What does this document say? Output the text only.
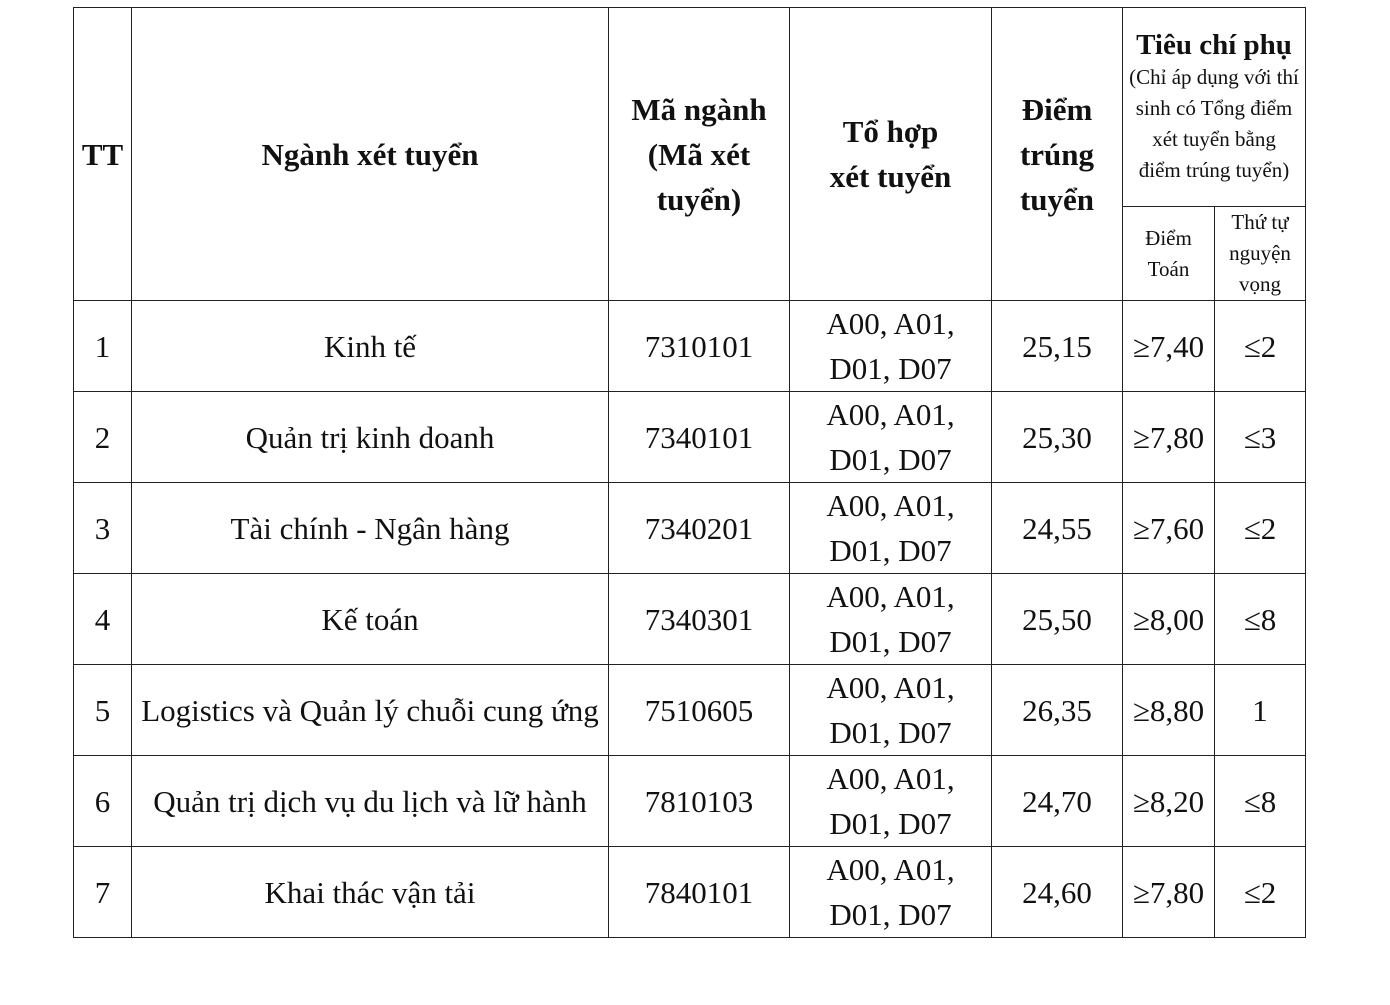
TT	Ngành xét tuyển	Mã ngành (Mã xét tuyển)	Tổ hợp xét tuyển	Điểm trúng tuyển	Tiêu chí phụ
(Chỉ áp dụng với thí sinh có Tổng điểm xét tuyển bằng điểm trúng tuyển)	

					Điểm Toán	Thứ tự nguyện vọng
1	Kinh tế	7310101	A00, A01,
D01, D07	25,15	≥7,40	≤2
2	Quản trị kinh doanh	7340101	A00, A01,
D01, D07	25,30	≥7,80	≤3
3	Tài chính - Ngân hàng	7340201	A00, A01,
D01, D07	24,55	≥7,60	≤2
4	Kế toán	7340301	A00, A01,
D01, D07	25,50	≥8,00	≤8
5	Logistics và Quản lý chuỗi cung ứng	7510605	A00, A01,
D01, D07	26,35	≥8,80	1
6	Quản trị dịch vụ du lịch và lữ hành	7810103	A00, A01,
D01, D07	24,70	≥8,20	≤8
7	Khai thác vận tải	7840101	A00, A01,
D01, D07	24,60	≥7,80	≤2
